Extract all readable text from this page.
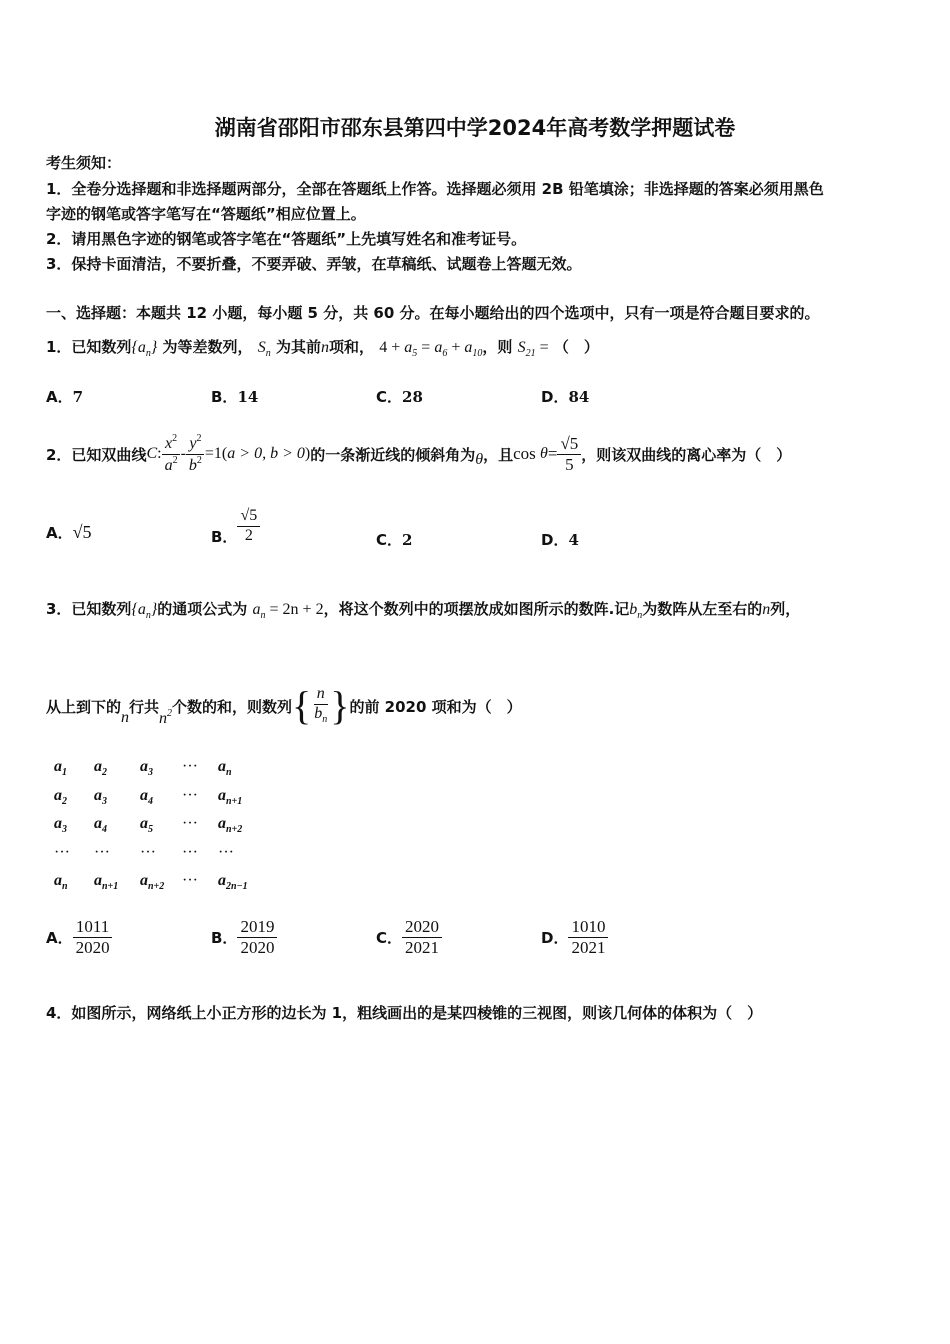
湖南省邵阳市邵东县第四中学2024年高考数学押题试卷
考生须知：
1．全卷分选择题和非选择题两部分，全部在答题纸上作答。选择题必须用 2B 铅笔填涂；非选择题的答案必须用黑色
字迹的钢笔或答字笔写在“答题纸”相应位置上。
2．请用黑色字迹的钢笔或答字笔在“答题纸”上先填写姓名和准考证号。
3．保持卡面清洁，不要折叠，不要弄破、弄皱，在草稿纸、试题卷上答题无效。
一、选择题：本题共 12 小题，每小题 5 分，共 60 分。在每小题给出的四个选项中，只有一项是符合题目要求的。
1．已知数列$\{a_n\}$ 为等差数列， $S_n$ 为其前n项和， $4 + a_5 = a_6 + a_{10}$，则 $S_{21}$ = （　）
A．7	B．14	C．28	D．84
2．已知双曲线 C : $\frac{x^2}{a^2} - \frac{y^2}{b^2} =1$( a > 0, b > 0 ) 的一条渐近线的倾斜角为 θ ，且 cos
$\theta = \frac{√5}{5}$ ，则该双曲线的离心率为（　）
A． √5	B． $\frac{√5}{2}$	C．2	D．4
3．已知数列$\{a_n\}$的通项公式为 $a_n = 2n + 2$，将这个数列中的项摆放成如图所示的数阵.记$b_n$为数阵从左至右的n列，
从上到下的
n
行共
$n^2$ 个数的和，则数列 { $\frac{n}{b_n}$ } 的前 2020 项和为（　）
$a_1$ $a_2$ $a_3$ ··· $a_n$
$a_2$ $a_3$ $a_4$ ··· $a_{n+1}$
$a_3$ $a_4$ $a_5$ ··· $a_{n+2}$
··· ··· ··· ··· ···
$a_n$ $a_{n+1}$ $a_{n+2}$ ··· $a_{2n-1}$
A． $\frac{1011}{2020}$	B． $\frac{2019}{2020}$	C． $\frac{2020}{2021}$	D． $\frac{1010}{2021}$
4．如图所示，网络纸上小正方形的边长为 1，粗线画出的是某四棱锥的三视图，则该几何体的体积为（　）
